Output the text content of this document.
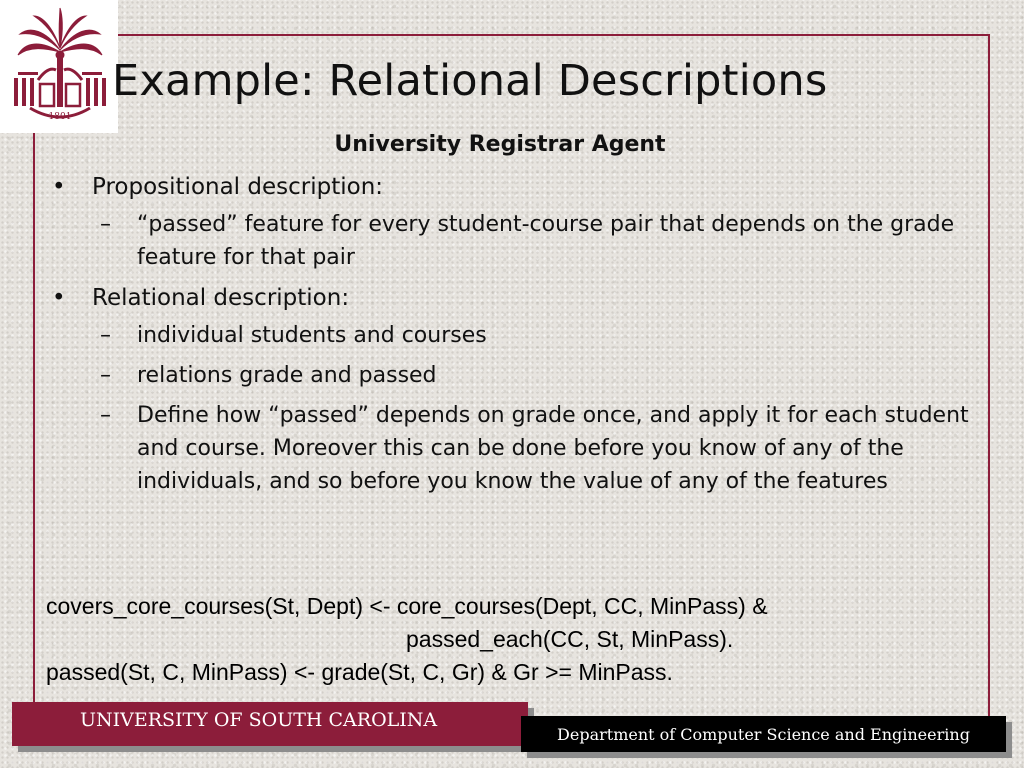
1801
Example: Relational Descriptions
University Registrar Agent
• Propositional description:
– “passed” feature for every student-course pair that depends on the grade feature for that pair
• Relational description:
– individual students and courses
– relations grade and passed
– Define how “passed” depends on grade once, and apply it for each student and course. Moreover this can be done before you know of any of the individuals, and so before you know the value of any of the features
covers_core_courses(St, Dept) <- core_courses(Dept, CC, MinPass) &
passed_each(CC, St, MinPass).
passed(St, C, MinPass) <- grade(St, C, Gr) & Gr >= MinPass.
UNIVERSITY OF SOUTH CAROLINA
Department of Computer Science and Engineering
